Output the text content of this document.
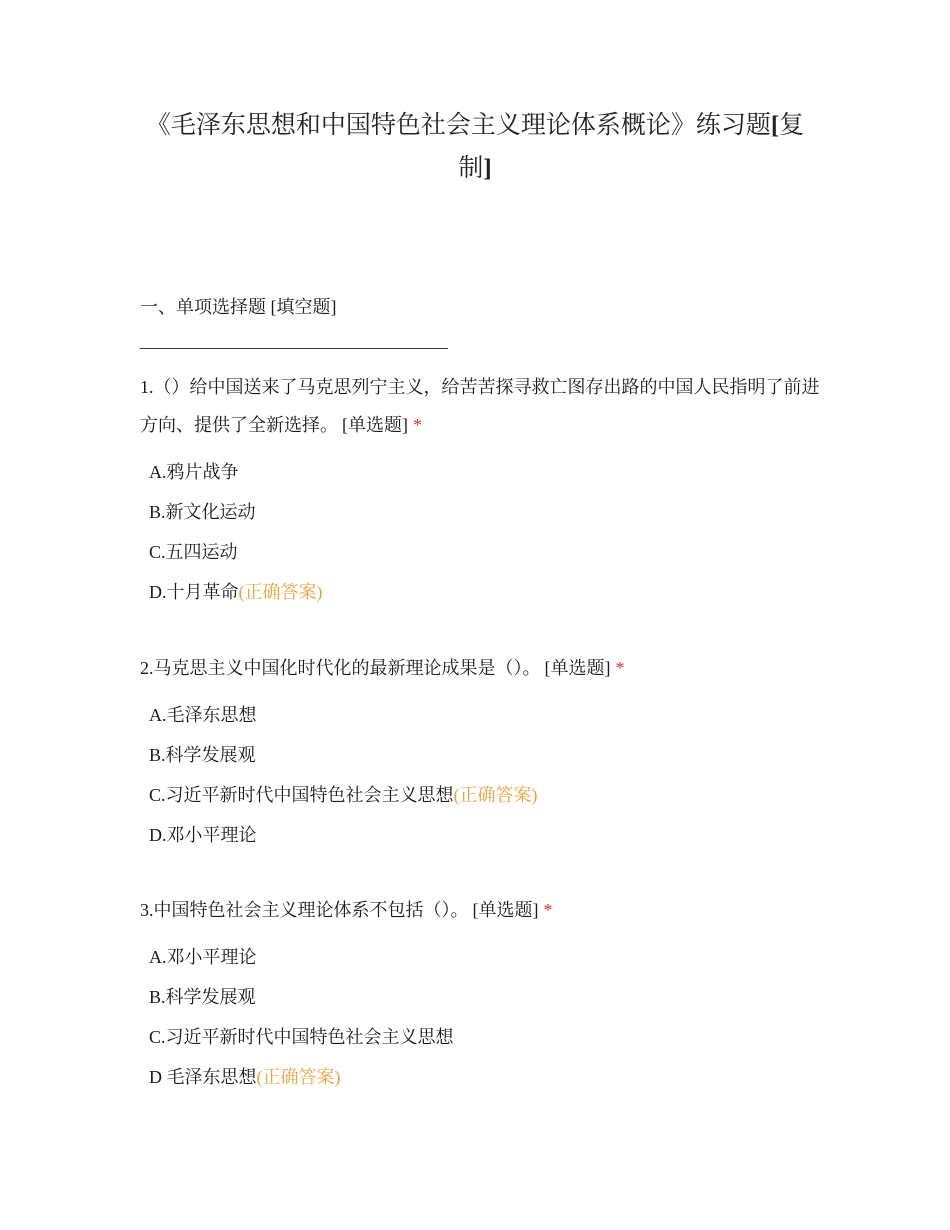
《毛泽东思想和中国特色社会主义理论体系概论》练习题[复制]
一、单项选择题 [填空题]

1.（）给中国送来了马克思列宁主义，给苦苦探寻救亡图存出路的中国人民指明了前进方向、提供了全新选择。 [单选题] *

A.鸦片战争
B.新文化运动
C.五四运动
D.十月革命(正确答案)

2.马克思主义中国化时代化的最新理论成果是（）。 [单选题] *

A.毛泽东思想
B.科学发展观
C.习近平新时代中国特色社会主义思想(正确答案)
D.邓小平理论

3.中国特色社会主义理论体系不包括（）。 [单选题] *

A.邓小平理论
B.科学发展观
C.习近平新时代中国特色社会主义思想
D 毛泽东思想(正确答案)
